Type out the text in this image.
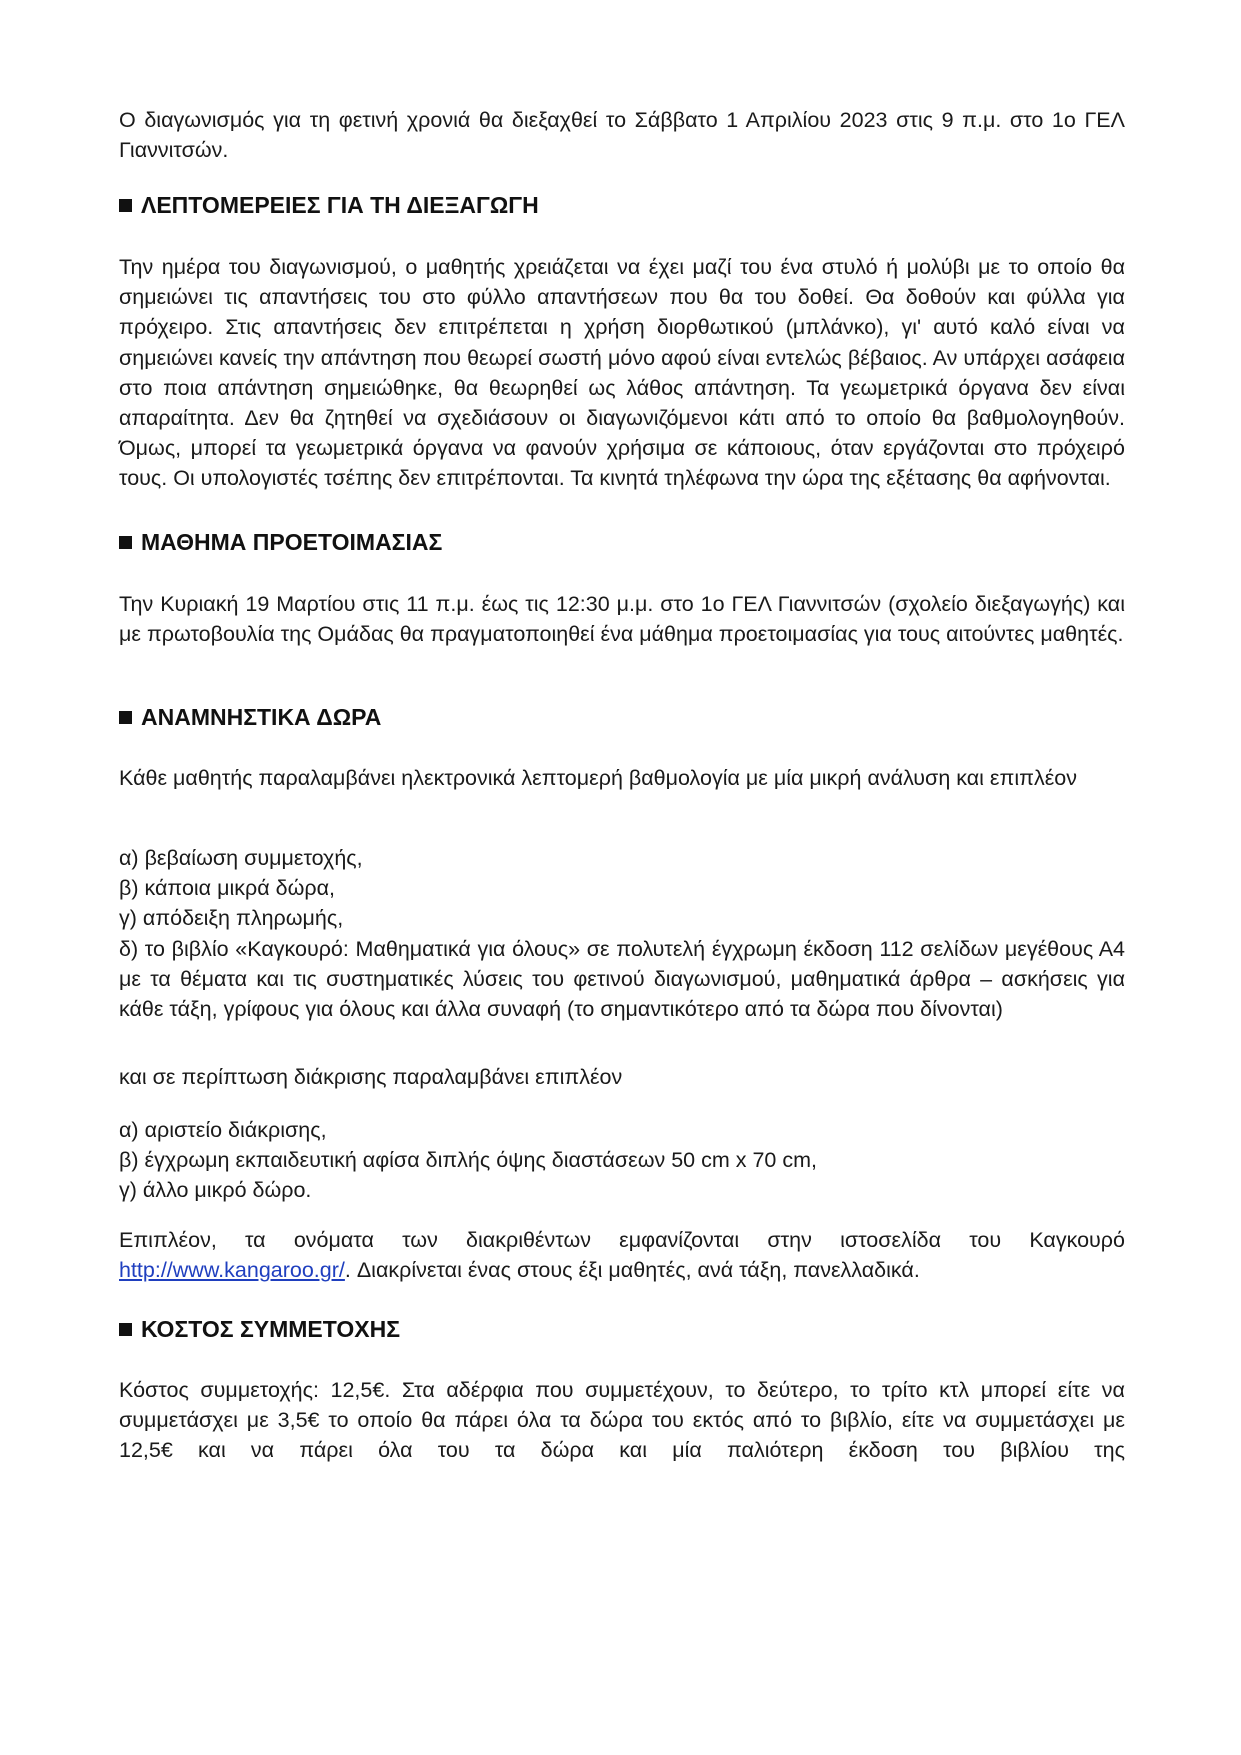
Ο διαγωνισμός για τη φετινή χρονιά θα διεξαχθεί το Σάββατο 1 Απριλίου 2023 στις 9 π.μ. στο 1ο ΓΕΛ Γιαννιτσών.

ΛΕΠΤΟΜΕΡΕΙΕΣ ΓΙΑ ΤΗ ΔΙΕΞΑΓΩΓΗ

Την ημέρα του διαγωνισμού, ο μαθητής χρειάζεται να έχει μαζί του ένα στυλό ή μολύβι με το οποίο θα σημειώνει τις απαντήσεις του στο φύλλο απαντήσεων που θα του δοθεί. Θα δοθούν και φύλλα για πρόχειρο. Στις απαντήσεις δεν επιτρέπεται η χρήση διορθωτικού (μπλάνκο), γι' αυτό καλό είναι να σημειώνει κανείς την απάντηση που θεωρεί σωστή μόνο αφού είναι εντελώς βέβαιος. Αν υπάρχει ασάφεια στο ποια απάντηση σημειώθηκε, θα θεωρηθεί ως λάθος απάντηση. Τα γεωμετρικά όργανα δεν είναι απαραίτητα. Δεν θα ζητηθεί να σχεδιάσουν οι διαγωνιζόμενοι κάτι από το οποίο θα βαθμολογηθούν. Όμως, μπορεί τα γεωμετρικά όργανα να φανούν χρήσιμα σε κάποιους, όταν εργάζονται στο πρόχειρό τους. Οι υπολογιστές τσέπης δεν επιτρέπονται. Τα κινητά τηλέφωνα την ώρα της εξέτασης θα αφήνονται.

ΜΑΘΗΜΑ ΠΡΟΕΤΟΙΜΑΣΙΑΣ

Την Κυριακή 19 Μαρτίου στις 11 π.μ. έως τις 12:30 μ.μ. στο 1ο ΓΕΛ Γιαννιτσών (σχολείο διεξαγωγής) και με πρωτοβουλία της Ομάδας θα πραγματοποιηθεί ένα μάθημα προετοιμασίας για τους αιτούντες μαθητές.

ΑΝΑΜΝΗΣΤΙΚΑ ΔΩΡΑ

Κάθε μαθητής παραλαμβάνει ηλεκτρονικά λεπτομερή βαθμολογία με μία μικρή ανάλυση και επιπλέον

α) βεβαίωση συμμετοχής,
β) κάποια μικρά δώρα,
γ) απόδειξη πληρωμής,
δ) το βιβλίο «Καγκουρό: Μαθηματικά για όλους» σε πολυτελή έγχρωμη έκδοση 112 σελίδων μεγέθους Α4 με τα θέματα και τις συστηματικές λύσεις του φετινού διαγωνισμού, μαθηματικά άρθρα – ασκήσεις για κάθε τάξη, γρίφους για όλους και άλλα συναφή (το σημαντικότερο από τα δώρα που δίνονται)

και σε περίπτωση διάκρισης παραλαμβάνει επιπλέον

α) αριστείο διάκρισης,
β) έγχρωμη εκπαιδευτική αφίσα διπλής όψης διαστάσεων 50 cm x 70 cm,
γ) άλλο μικρό δώρο.

Επιπλέον, τα ονόματα των διακριθέντων εμφανίζονται στην ιστοσελίδα του Καγκουρό http://www.kangaroo.gr/. Διακρίνεται ένας στους έξι μαθητές, ανά τάξη, πανελλαδικά.

ΚΟΣΤΟΣ ΣΥΜΜΕΤΟΧΗΣ

Κόστος συμμετοχής: 12,5€. Στα αδέρφια που συμμετέχουν, το δεύτερο, το τρίτο κτλ μπορεί είτε να συμμετάσχει με 3,5€ το οποίο θα πάρει όλα τα δώρα του εκτός από το βιβλίο, είτε να συμμετάσχει με 12,5€ και να πάρει όλα του τα δώρα και μία παλιότερη έκδοση του βιβλίου της
